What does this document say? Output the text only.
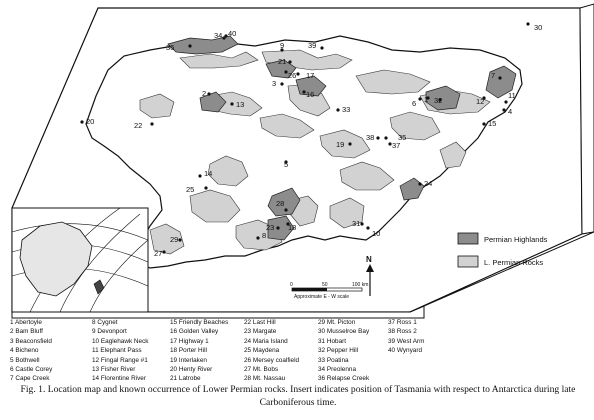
1
2
3
4
5
6
7
8
9
10
11
12
13
14
15
16
17
18
19
20
21
22
23
24
25
26
27
28
29
30
31
32
33
34
35
36
37
38
39
40
Permian Highlands
L. Permian Rocks
N
0	50	100 km
Approximate E - W scale
1 Abertoyle
2 Bam Bluff
3 Beaconsfield
4 Bicheno
5 Bothwell
6 Castle Corey
7 Cape Creek
8 Cygnet
9 Devonport
10 Eaglehawk Neck
11 Elephant Pass
12 Fingal Range #1
13 Fisher River
14 Florentine River
15 Friendly Beaches
16 Golden Valley
17 Highway 1
18 Porter Hill
19 Interlaken
20 Henty River
21 Latrobe
22 Last Hill
23 Margate
24 Maria Island
25 Maydena
26 Mersey coalfield
27 Mt. Bobs
28 Mt. Nassau
29 Mt. Picton
30 Musselroe Bay
31 Hobart
32 Pepper Hill
33 Poatina
34 Preolenna
36 Relapse Creek
37 Ross 1
38 Ross 2
39 West Arm
40 Wynyard
Fig. 1. Location map and known occurrence of Lower Permian rocks. Insert indicates position of Tasmania with respect to Antarctica during late Carboniferous time.
